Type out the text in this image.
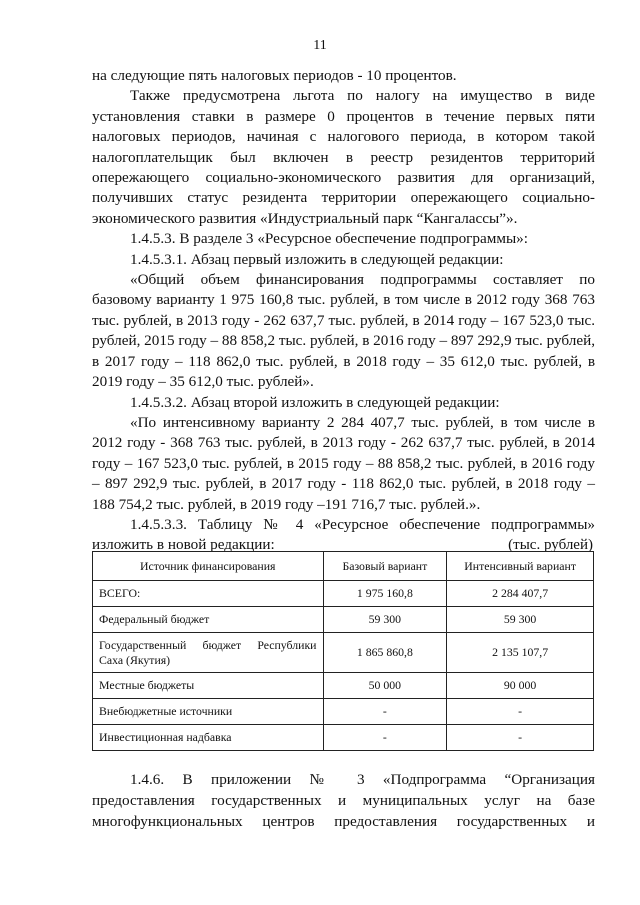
11

на следующие пять налоговых периодов - 10 процентов.

Также предусмотрена льгота по налогу на имущество в виде установления ставки в размере 0 процентов в течение первых пяти налоговых периодов, начиная с налогового периода, в котором такой налогоплательщик был включен в реестр резидентов территорий опережающего социально-экономического развития для организаций, получивших статус резидента территории опережающего социально-экономического развития «Индустриальный парк “Кангалассы”».

1.4.5.3. В разделе 3 «Ресурсное обеспечение подпрограммы»:

1.4.5.3.1. Абзац первый изложить в следующей редакции:

«Общий объем финансирования подпрограммы составляет по базовому варианту 1 975 160,8 тыс. рублей, в том числе в 2012 году 368 763 тыс. рублей, в 2013 году - 262 637,7 тыс. рублей, в 2014 году – 167 523,0 тыс. рублей, 2015 году – 88 858,2 тыс. рублей, в 2016 году – 897 292,9 тыс. рублей, в 2017 году – 118 862,0 тыс. рублей, в 2018 году – 35 612,0 тыс. рублей, в 2019 году – 35 612,0 тыс. рублей».

1.4.5.3.2. Абзац второй изложить в следующей редакции:

«По интенсивному варианту 2 284 407,7 тыс. рублей, в том числе в 2012 году - 368 763 тыс. рублей, в 2013 году - 262 637,7 тыс. рублей, в 2014 году – 167 523,0 тыс. рублей, в 2015 году – 88 858,2 тыс. рублей, в 2016 году – 897 292,9 тыс. рублей, в 2017 году - 118 862,0 тыс. рублей, в 2018 году – 188 754,2 тыс. рублей, в 2019 году –191 716,7 тыс. рублей.».

1.4.5.3.3. Таблицу № 4 «Ресурсное обеспечение подпрограммы» изложить в новой редакции:	(тыс. рублей)
Источник финансирования	Базовый вариант	Интенсивный вариант
ВСЕГО:	1 975 160,8	2 284 407,7
Федеральный бюджет	59 300	59 300
Государственный бюджет Республики Саха (Якутия)	1 865 860,8	2 135 107,7
Местные бюджеты	50 000	90 000
Внебюджетные источники	-	-
Инвестиционная надбавка	-	-

1.4.6. В приложении № 3 «Подпрограмма “Организация

предоставления государственных и муниципальных услуг на базе

многофункциональных центров предоставления государственных и
